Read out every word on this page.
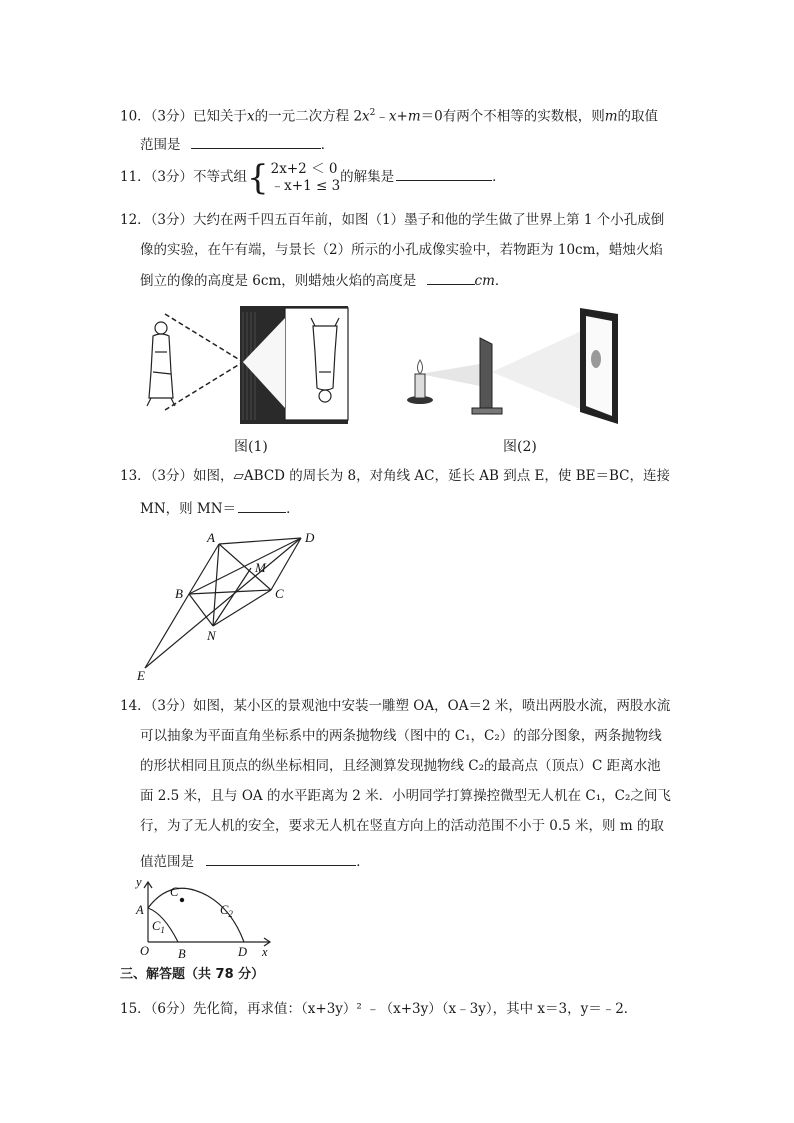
10．（3分）已知关于x的一元二次方程 $2x^2﹣x+m=0$有两个不相等的实数根，则m的取值
范围是	．
11．（3分）不等式组{ 2x+2 ＜ 0
﹣x+1 ≤ 3
的解集是	．
12．（3分）大约在两千四五百年前，如图（1）墨子和他的学生做了世界上第 1 个小孔成倒
像的实验，在午有端，与景长（2）所示的小孔成像实验中，若物距为 10cm，蜡烛火焰
倒立的像的高度是 6cm，则蜡烛火焰的高度是	cm．
图(1)	图(2)
13．（3分）如图，▱ABCD 的周长为 8，对角线 AC，延长 AB 到点 E，使 BE＝BC，连接
MN，则 MN＝	．
A	D
M
B	C
N
E
14．（3分）如图，某小区的景观池中安装一雕塑 OA，OA＝2 米，喷出两股水流，两股水流
可以抽象为平面直角坐标系中的两条抛物线（图中的 C₁，C₂）的部分图象，两条抛物线
的形状相同且顶点的纵坐标相同，且经测算发现抛物线 C₂的最高点（顶点）C 距离水池
面 2.5 米，且与 OA 的水平距离为 2 米．小明同学打算操控微型无人机在 C₁，C₂之间飞
行，为了无人机的安全，要求无人机在竖直方向上的活动范围不小于 0.5 米，则 m 的取
值范围是	．
y
x
O
A
B
C
D
$C_1$
$C_2$
三、解答题（共 78 分）
15．（6分）先化简，再求值：（x+3y）² ﹣（x+3y）（x﹣3y），其中 x＝3，y＝﹣2．
